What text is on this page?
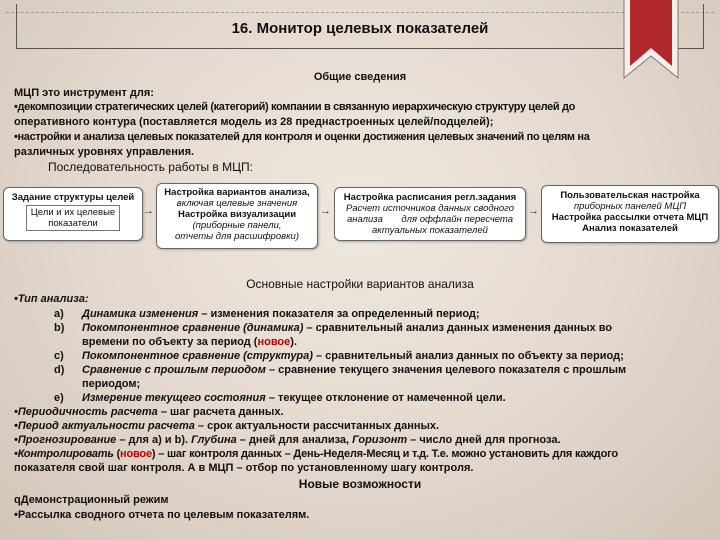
16. Монитор целевых показателей
Общие сведения
МЦП это инструмент для:
•декомпозиции стратегических целей (категорий) компании в связанную иерархическую структуру целей до
оперативного контура (поставляется модель из 28 преднастроенных целей/подцелей);
•настройки и анализа целевых показателей для контроля и оценки достижения целевых значений по целям на
различных уровнях управления.
Последовательность работы в МЦП:
Задание структуры целей
Цели и их целевые
показатели
→
Настройка вариантов анализа,
включая целевые значения
Настройка визуализации
(приборные панели,
отчеты для расшифровки)
→
Настройка расписания регл.задания
Расчет источников данных сводного
анализа       для оффлайн пересчета
актуальных показателей
→
Пользовательская настройка
приборных панелей МЦП
Настройка рассылки отчета МЦП
Анализ показателей
Основные настройки вариантов анализа
•Тип анализа:
a) Динамика изменения – изменения показателя за определенный период;
b) Покомпонентное сравнение (динамика) – сравнительный анализ данных изменения данных во
времени по объекту за период (новое).
c) Покомпонентное сравнение (структура) – сравнительный анализ данных по объекту за период;
d) Сравнение с прошлым периодом – сравнение текущего значения целевого показателя с прошлым
периодом;
e) Измерение текущего состояния – текущее отклонение от намеченной цели.
•Периодичность расчета – шаг расчета данных.
•Период актуальности расчета – срок актуальности рассчитанных данных.
•Прогнозирование – для a) и b). Глубина – дней для анализа, Горизонт – число дней для прогноза.
•Контролировать (новое) – шаг контроля данных – День-Неделя-Месяц и т.д. Т.е. можно установить для каждого
показателя свой шаг контроля. А в МЦП – отбор по установленному шагу контроля.
Новые возможности
qДемонстрационный режим
•Рассылка сводного отчета по целевым показателям.
